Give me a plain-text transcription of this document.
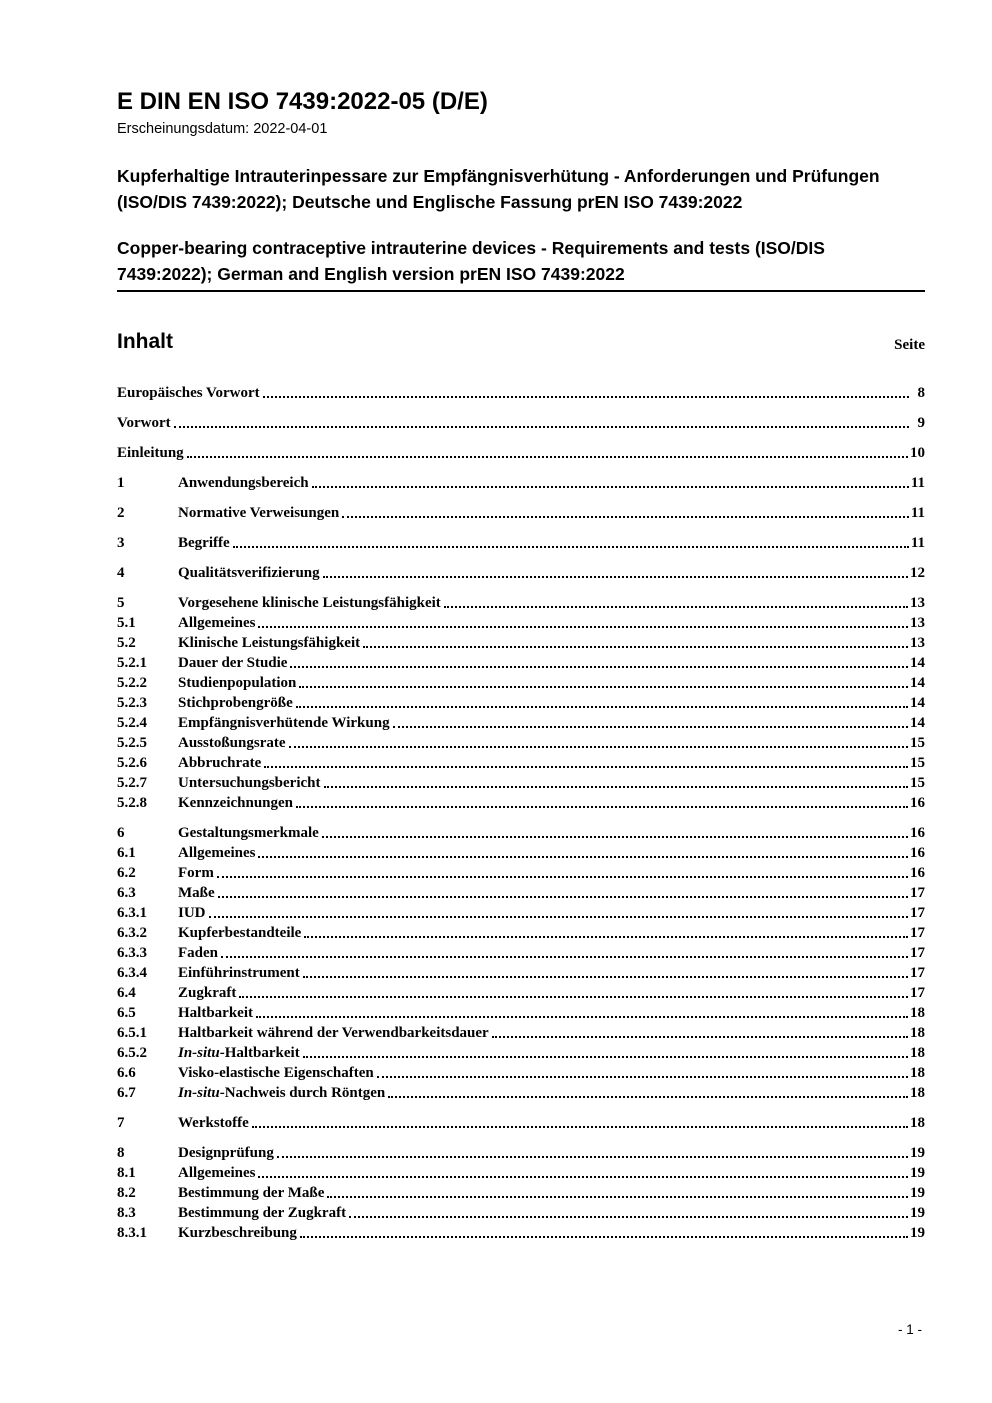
E DIN EN ISO 7439:2022-05 (D/E)
Erscheinungsdatum: 2022-04-01
Kupferhaltige Intrauterinpessare zur Empfängnisverhütung - Anforderungen und Prüfungen (ISO/DIS 7439:2022); Deutsche und Englische Fassung prEN ISO 7439:2022
Copper-bearing contraceptive intrauterine devices - Requirements and tests (ISO/DIS 7439:2022); German and English version prEN ISO 7439:2022
Inhalt	Seite
Europäisches Vorwort	8
Vorwort	9
Einleitung	10
1	Anwendungsbereich	11
2	Normative Verweisungen	11
3	Begriffe	11
4	Qualitätsverifizierung	12
5	Vorgesehene klinische Leistungsfähigkeit	13
5.1	Allgemeines	13
5.2	Klinische Leistungsfähigkeit	13
5.2.1	Dauer der Studie	14
5.2.2	Studienpopulation	14
5.2.3	Stichprobengröße	14
5.2.4	Empfängnisverhütende Wirkung	14
5.2.5	Ausstoßungsrate	15
5.2.6	Abbruchrate	15
5.2.7	Untersuchungsbericht	15
5.2.8	Kennzeichnungen	16
6	Gestaltungsmerkmale	16
6.1	Allgemeines	16
6.2	Form	16
6.3	Maße	17
6.3.1	IUD	17
6.3.2	Kupferbestandteile	17
6.3.3	Faden	17
6.3.4	Einführinstrument	17
6.4	Zugkraft	17
6.5	Haltbarkeit	18
6.5.1	Haltbarkeit während der Verwendbarkeitsdauer	18
6.5.2	In-situ-Haltbarkeit	18
6.6	Visko-elastische Eigenschaften	18
6.7	In-situ-Nachweis durch Röntgen	18
7	Werkstoffe	18
8	Designprüfung	19
8.1	Allgemeines	19
8.2	Bestimmung der Maße	19
8.3	Bestimmung der Zugkraft	19
8.3.1	Kurzbeschreibung	19
- 1 -
